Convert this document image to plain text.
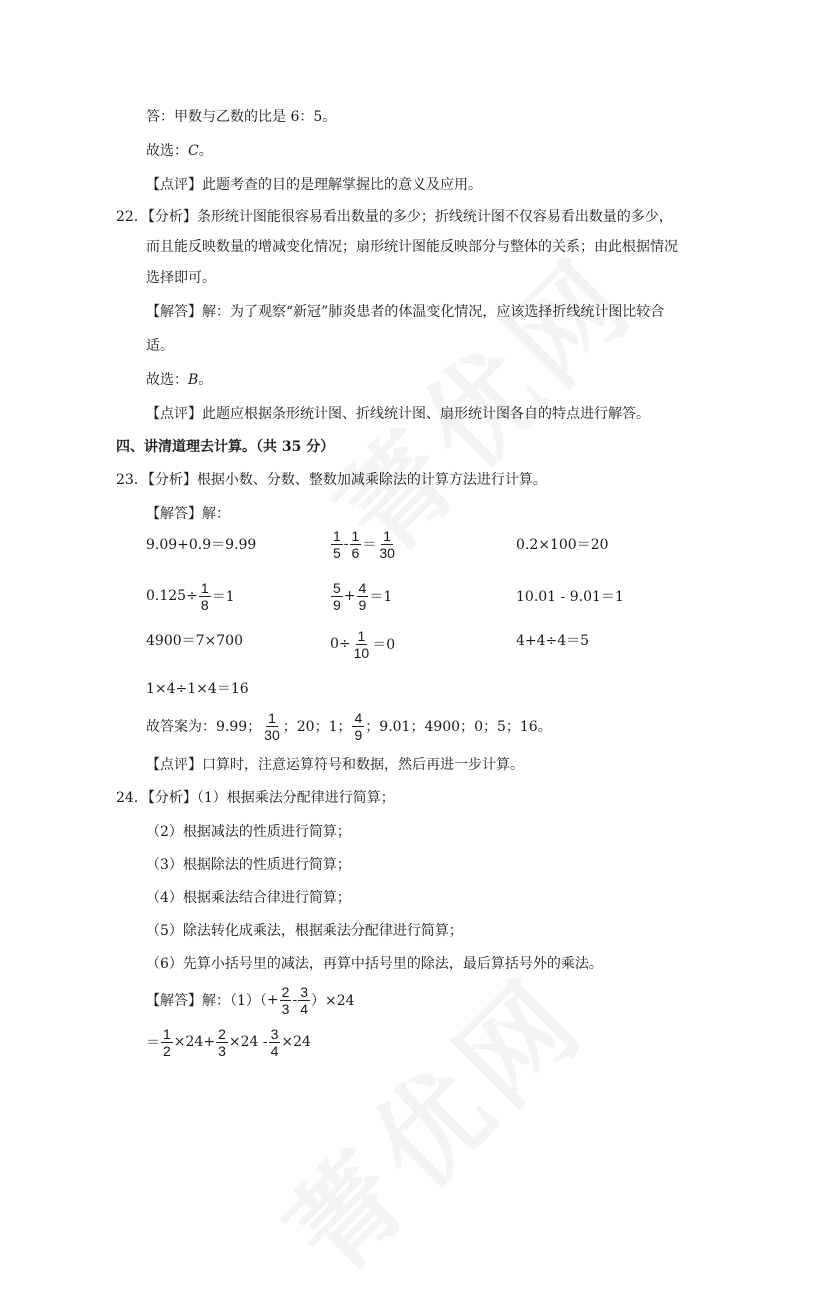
答：甲数与乙数的比是 6：5。
故选：C。
【点评】此题考查的目的是理解掌握比的意义及应用。
22．【分析】条形统计图能很容易看出数量的多少；折线统计图不仅容易看出数量的多少，
而且能反映数量的增减变化情况；扇形统计图能反映部分与整体的关系；由此根据情况
选择即可。
【解答】解：为了观察“新冠”肺炎患者的体温变化情况，应该选择折线统计图比较合
适。
故选：B。
【点评】此题应根据条形统计图、折线统计图、扇形统计图各自的特点进行解答。
四、讲清道理去计算。（共 35 分）
23．【分析】根据小数、分数、整数加减乘除法的计算方法进行计算。
【解答】解：
9.09+0.9＝9.99	$\frac{1}{5} - \frac{1}{6} = \frac{1}{30}$	0.2×100＝20
$0.125\div \frac{1}{8} =1$	$\frac{5}{9} + \frac{4}{9} =1$	10.01 - 9.01＝1
4900＝7×700	$0\div \frac{1}{10} =0$	4+4÷4＝5
1×4÷1×4＝16
故答案为：9.99； $\frac{1}{30}$ ；20；1； $\frac{4}{9}$ ；9.01；4900；0；5；16。
【点评】口算时，注意运算符号和数据，然后再进一步计算。
24．【分析】（1）根据乘法分配律进行简算；
（2）根据减法的性质进行简算；
（3）根据除法的性质进行简算；
（4）根据乘法结合律进行简算；
（5）除法转化成乘法，根据乘法分配律进行简算；
（6）先算小括号里的减法，再算中括号里的除法，最后算括号外的乘法。
【解答】解：$(1)( + \frac{2}{3} - \frac{3}{4} )\times 24$
＝ $\frac{1}{2} \times 24+ \frac{2}{3} \times 24 - \frac{3}{4} \times 24$
